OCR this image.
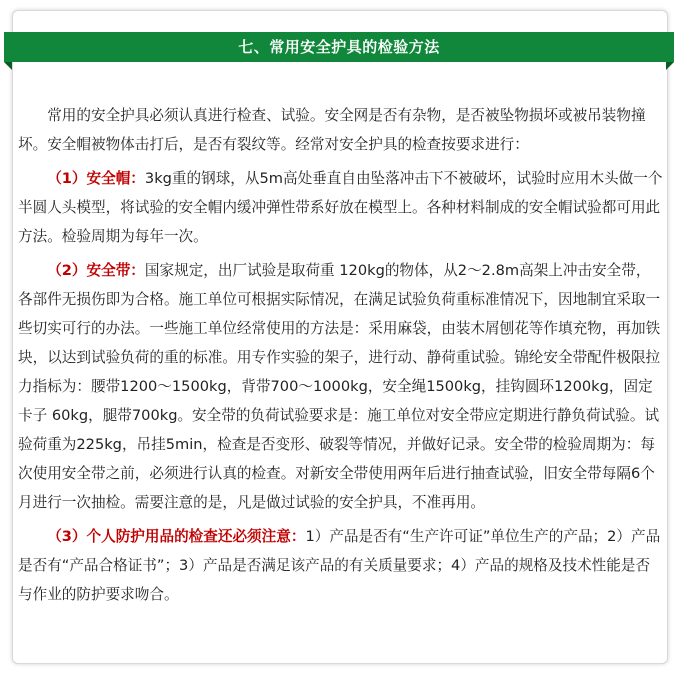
七、常用安全护具的检验方法

常用的安全护具必须认真进行检查、试验。安全网是否有杂物，是否被坠物损坏或被吊装物撞坏。安全帽被物体击打后，是否有裂纹等。经常对安全护具的检查按要求进行：

（1）安全帽：3kg重的钢球，从5m高处垂直自由坠落冲击下不被破坏，试验时应用木头做一个半圆人头模型，将试验的安全帽内缓冲弹性带系好放在模型上。各种材料制成的安全帽试验都可用此方法。检验周期为每年一次。

（2）安全带：国家规定，出厂试验是取荷重 120kg的物体，从2～2.8m高架上冲击安全带，各部件无损伤即为合格。施工单位可根据实际情况，在满足试验负荷重标准情况下，因地制宜采取一些切实可行的办法。一些施工单位经常使用的方法是：采用麻袋，由装木屑刨花等作填充物，再加铁块，以达到试验负荷的重的标准。用专作实验的架子，进行动、静荷重试验。锦纶安全带配件极限拉力指标为：腰带1200～1500kg，背带700～1000kg，安全绳1500kg，挂钩圆环1200kg，固定卡子 60kg，腿带700kg。安全带的负荷试验要求是：施工单位对安全带应定期进行静负荷试验。试验荷重为225kg，吊挂5min，检查是否变形、破裂等情况，并做好记录。安全带的检验周期为：每次使用安全带之前，必须进行认真的检查。对新安全带使用两年后进行抽查试验，旧安全带每隔6个月进行一次抽检。需要注意的是，凡是做过试验的安全护具，不准再用。

（3）个人防护用品的检查还必须注意：1）产品是否有“生产许可证”单位生产的产品；2）产品是否有“产品合格证书”；3）产品是否满足该产品的有关质量要求；4）产品的规格及技术性能是否与作业的防护要求吻合。
